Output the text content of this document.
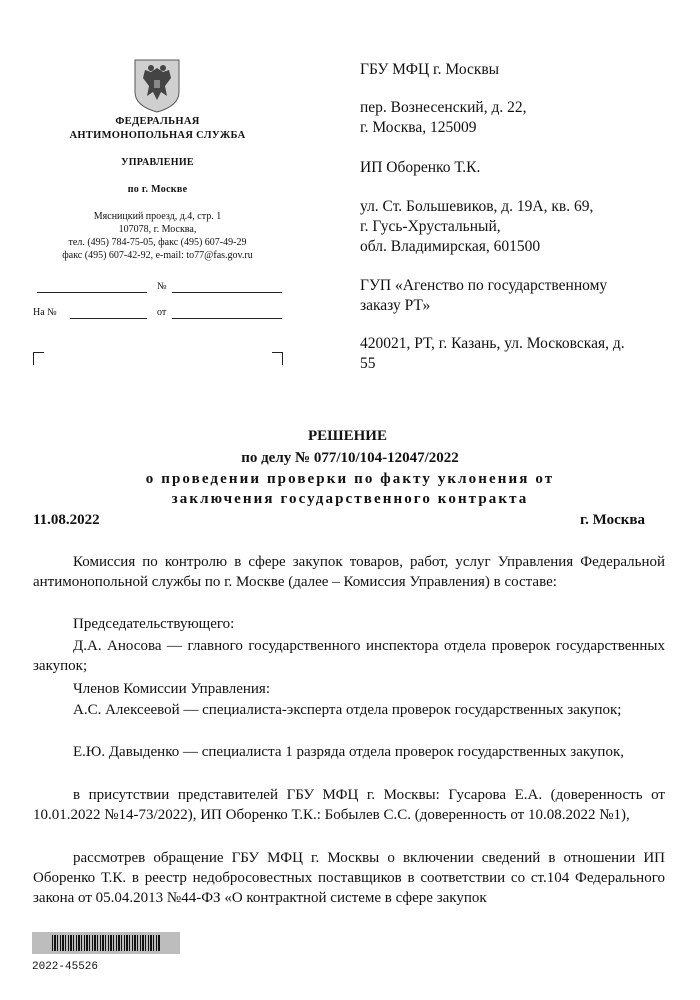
ФЕДЕРАЛЬНАЯ
АНТИМОНОПОЛЬНАЯ СЛУЖБА
УПРАВЛЕНИЕ
по г. Москве
Мясницкий проезд, д.4, стр. 1
107078, г. Москва,
тел. (495) 784-75-05, факс (495) 607-49-29
факс (495) 607-42-92, e-mail: to77@fas.gov.ru
№
На №	от
ГБУ МФЦ г. Москвы
пер. Вознесенский, д. 22,
г. Москва, 125009
ИП Оборенко Т.К.
ул. Ст. Большевиков, д. 19А, кв. 69,
г. Гусь-Хрустальный,
обл. Владимирская, 601500
ГУП «Агенство по государственному
заказу РТ»
420021, РТ, г. Казань, ул. Московская, д.
55
РЕШЕНИЕ
по делу № 077/10/104-12047/2022
о проведении проверки по факту уклонения от
заключения государственного контракта
11.08.2022	г. Москва
Комиссия по контролю в сфере закупок товаров, работ, услуг Управления Федеральной антимонопольной службы по г. Москве (далее – Комиссия Управления) в составе:
Председательствующего:
Д.А. Аносова — главного государственного инспектора отдела проверок государственных закупок;
Членов Комиссии Управления:
А.С. Алексеевой — специалиста-эксперта отдела проверок государственных закупок;
Е.Ю. Давыденко — специалиста 1 разряда отдела проверок государственных закупок,
в присутствии представителей ГБУ МФЦ г. Москвы: Гусарова Е.А. (доверенность от 10.01.2022 №14-73/2022), ИП Оборенко Т.К.: Бобылев С.С. (доверенность от 10.08.2022 №1),
рассмотрев обращение ГБУ МФЦ г. Москвы о включении сведений в отношении ИП Оборенко Т.К. в реестр недобросовестных поставщиков в соответствии со ст.104 Федерального закона от 05.04.2013 №44-ФЗ «О контрактной системе в сфере закупок
2022-45526
